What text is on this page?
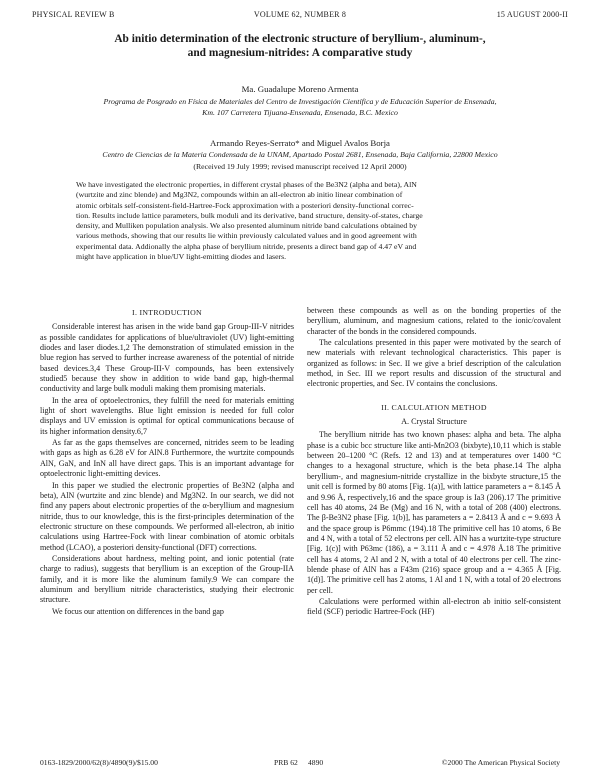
PHYSICAL REVIEW B	VOLUME 62, NUMBER 8	15 AUGUST 2000-II
Ab initio determination of the electronic structure of beryllium-, aluminum-,
and magnesium-nitrides: A comparative study
Ma. Guadalupe Moreno Armenta
Programa de Posgrado en Física de Materiales del Centro de Investigación Científica y de Educación Superior de Ensenada,
Km. 107 Carretera Tijuana-Ensenada, Ensenada, B.C. Mexico
Armando Reyes-Serrato* and Miguel Avalos Borja
Centro de Ciencias de la Materia Condensada de la UNAM, Apartado Postal 2681, Ensenada, Baja California, 22800 Mexico
(Received 19 July 1999; revised manuscript received 12 April 2000)
We have investigated the electronic properties, in different crystal phases of the Be3N2 (alpha and beta), AlN
(wurtzite and zinc blende) and Mg3N2, compounds within an all-electron ab initio linear combination of
atomic orbitals self-consistent-field-Hartree-Fock approximation with a posteriori density-functional correc-
tion. Results include lattice parameters, bulk moduli and its derivative, band structure, density-of-states, charge
density, and Mulliken population analysis. We also presented aluminum nitride band calculations obtained by
various methods, showing that our results lie within previously calculated values and in good agreement with
experimental data. Addionally the alpha phase of beryllium nitride, presents a direct band gap of 4.47 eV and
might have application in blue/UV light-emitting diodes and lasers.
I. INTRODUCTION

Considerable interest has arisen in the wide band gap Group-III-V nitrides as possible candidates for applications of blue/ultraviolet (UV) light-emitting diodes and laser diodes.1,2 The demonstration of stimulated emission in the blue region has served to further increase awareness of the potential of nitride based devices.3,4 These Group-III-V compounds, has been extensively studied5 because they show in addition to wide band gap, high-thermal conductivity and large bulk moduli making them promising materials.

In the area of optoelectronics, they fulfill the need for materials emitting light of short wavelengths. Blue light emission is needed for full color displays and UV emission is optimal for optical communications because of its higher information density.6,7

As far as the gaps themselves are concerned, nitrides seem to be leading with gaps as high as 6.28 eV for AlN.8 Furthermore, the wurtzite compounds AlN, GaN, and InN all have direct gaps. This is an important advantage for optoelectronic light-emitting devices.

In this paper we studied the electronic properties of Be3N2 (alpha and beta), AlN (wurtzite and zinc blende) and Mg3N2. In our search, we did not find any papers about electronic properties of the α-beryllium and magnesium nitride, thus to our knowledge, this is the first-principles determination of the electronic structure on these compounds. We performed all-electron, ab initio calculations using Hartree-Fock with linear combination of atomic orbitals method (LCAO), a posteriori density-functional (DFT) corrections.

Considerations about hardness, melting point, and ionic potential (rate charge to radius), suggests that beryllium is an exception of the Group-IIA family, and it is more like the aluminum family.9 We can compare the aluminum and beryllium nitride characteristics, studying their electronic structure.

We focus our attention on differences in the band gap

between these compounds as well as on the bonding properties of the beryllium, aluminum, and magnesium cations, related to the ionic/covalent character of the bonds in the considered compounds.

The calculations presented in this paper were motivated by the search of new materials with relevant technological characteristics. This paper is organized as follows: in Sec. II we give a brief description of the calculation method, in Sec. III we report results and discussion of the structural and electronic properties, and Sec. IV contains the conclusions.

II. CALCULATION METHOD
A. Crystal Structure

The beryllium nitride has two known phases: alpha and beta. The alpha phase is a cubic bcc structure like anti-Mn2O3 (bixbyte),10,11 which is stable between 20–1200 °C (Refs. 12 and 13) and at temperatures over 1400 °C changes to a hexagonal structure, which is the beta phase.14 The alpha beryllium-, and magnesium-nitride crystallize in the bixbyte structure,15 the unit cell is formed by 80 atoms [Fig. 1(a)], with lattice parameters a = 8.145 Å and 9.96 Å, respectively,16 and the space group is Ia3 (206).17 The primitive cell has 40 atoms, 24 Be (Mg) and 16 N, with a total of 208 (400) electrons. The β-Be3N2 phase [Fig. 1(b)], has parameters a = 2.8413 Å and c = 9.693 Å and the space group is P6mmc (194).18 The primitive cell has 10 atoms, 6 Be and 4 N, with a total of 52 electrons per cell. AlN has a wurtzite-type structure [Fig. 1(c)] with P63mc (186), a = 3.111 Å and c = 4.978 Å.18 The primitive cell has 4 atoms, 2 Al and 2 N, with a total of 40 electrons per cell. The zinc-blende phase of AlN has a F43m (216) space group and a = 4.365 Å [Fig. 1(d)]. The primitive cell has 2 atoms, 1 Al and 1 N, with a total of 20 electrons per cell.

Calculations were performed within all-electron ab initio self-consistent field (SCF) periodic Hartree-Fock (HF)

0163-1829/2000/62(8)/4890(9)/$15.00	PRB 62 4890	©2000 The American Physical Society
